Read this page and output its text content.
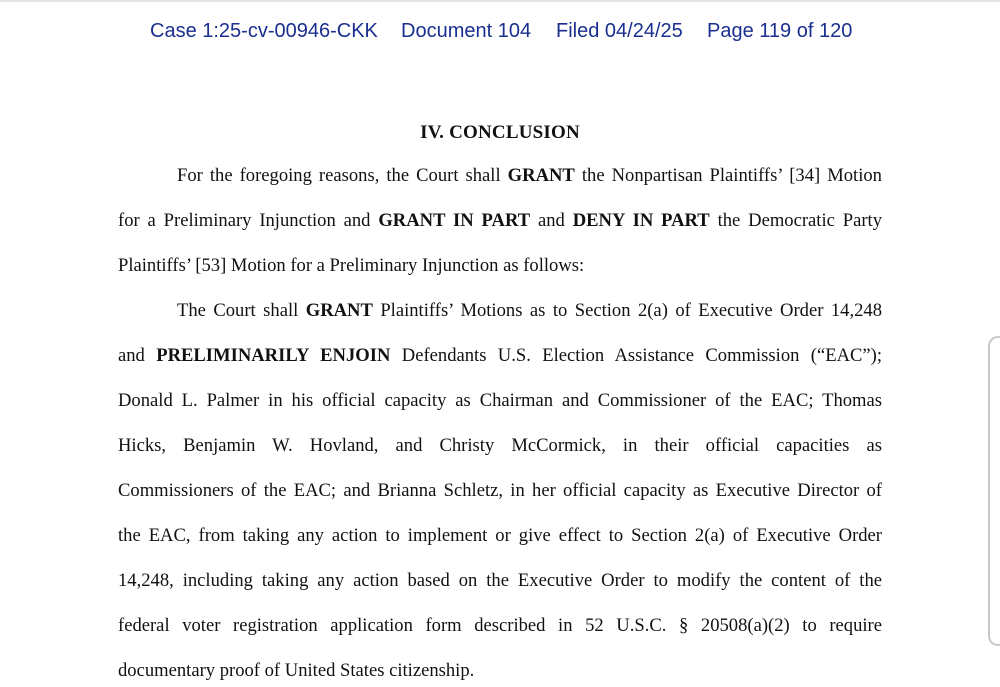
Case 1:25-cv-00946-CKK Document 104 Filed 04/24/25 Page 119 of 120
IV. CONCLUSION
For the foregoing reasons, the Court shall GRANT the Nonpartisan Plaintiffs’ [34] Motion
for a Preliminary Injunction and GRANT IN PART and DENY IN PART the Democratic Party
Plaintiffs’ [53] Motion for a Preliminary Injunction as follows:
The Court shall GRANT Plaintiffs’ Motions as to Section 2(a) of Executive Order 14,248
and PRELIMINARILY ENJOIN Defendants U.S. Election Assistance Commission (“EAC”);
Donald L. Palmer in his official capacity as Chairman and Commissioner of the EAC; Thomas
Hicks, Benjamin W. Hovland, and Christy McCormick, in their official capacities as
Commissioners of the EAC; and Brianna Schletz, in her official capacity as Executive Director of
the EAC, from taking any action to implement or give effect to Section 2(a) of Executive Order
14,248, including taking any action based on the Executive Order to modify the content of the
federal voter registration application form described in 52 U.S.C. § 20508(a)(2) to require
documentary proof of United States citizenship.
